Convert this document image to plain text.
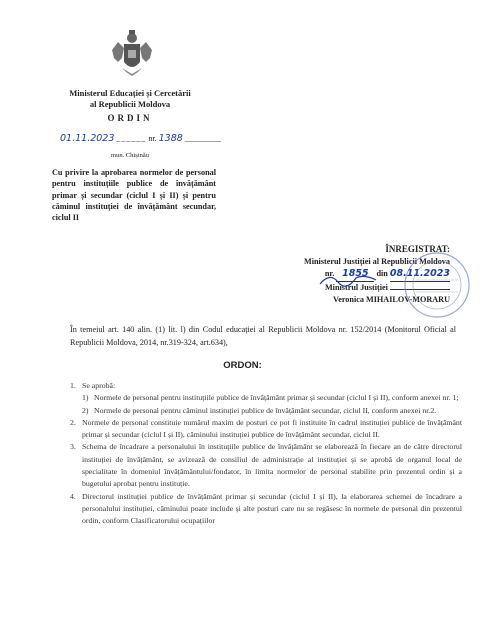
Ministerul Educației și Cercetării
al Republicii Moldova
ORDIN
01.11.2023 ______ nr. 1388 _________
mun. Chișinău
Cu privire la aprobarea normelor de personal pentru instituțiile publice de învățământ primar și secundar (ciclul I și II) și pentru căminul instituției de învățământ secundar, ciclul II
ÎNREGISTRAT:
Ministerul Justiției al Republicii Moldova
nr. 1855 din 08.11.2023
Ministrul Justiției
Veronica MIHAILOV-MORARU
În temeiul art. 140 alin. (1) lit. l) din Codul educației al Republicii Moldova nr. 152/2014 (Monitorul Oficial al Republicii Moldova, 2014, nr.319-324, art.634),
ORDON:
1. Se aprobă:
1) Normele de personal pentru instituțiile publice de învățământ primar și secundar (ciclul I și II), conform anexei nr. 1;
2) Normele de personal pentru căminul instituției publice de învățământ secundar, ciclul II, conform anexei nr.2.
2. Normele de personal constituie numărul maxim de posturi ce pot fi instituite în cadrul instituției publice de învățământ primar și secundar (ciclul I și II), căminului instituției publice de învățământ secundar, ciclul II.
3. Schema de încadrare a personalului în instituțiile publice de învățământ se elaborează în fiecare an de către directorul instituției de învățământ, se avizează de consiliul de administrație al instituției și se aprobă de organul local de specialitate în domeniul învățământului/fondator, în limita normelor de personal stabilite prin prezentul ordin și a bugetului aprobat pentru instituție.
4. Directorul instituției publice de învățământ primar și secundar (ciclul I și II), la elaborarea schemei de încadrare a personalului instituției, căminului poate include și alte posturi care nu se regăsesc în normele de personal din prezentul ordin, conform Clasificatorului ocupațiilor
